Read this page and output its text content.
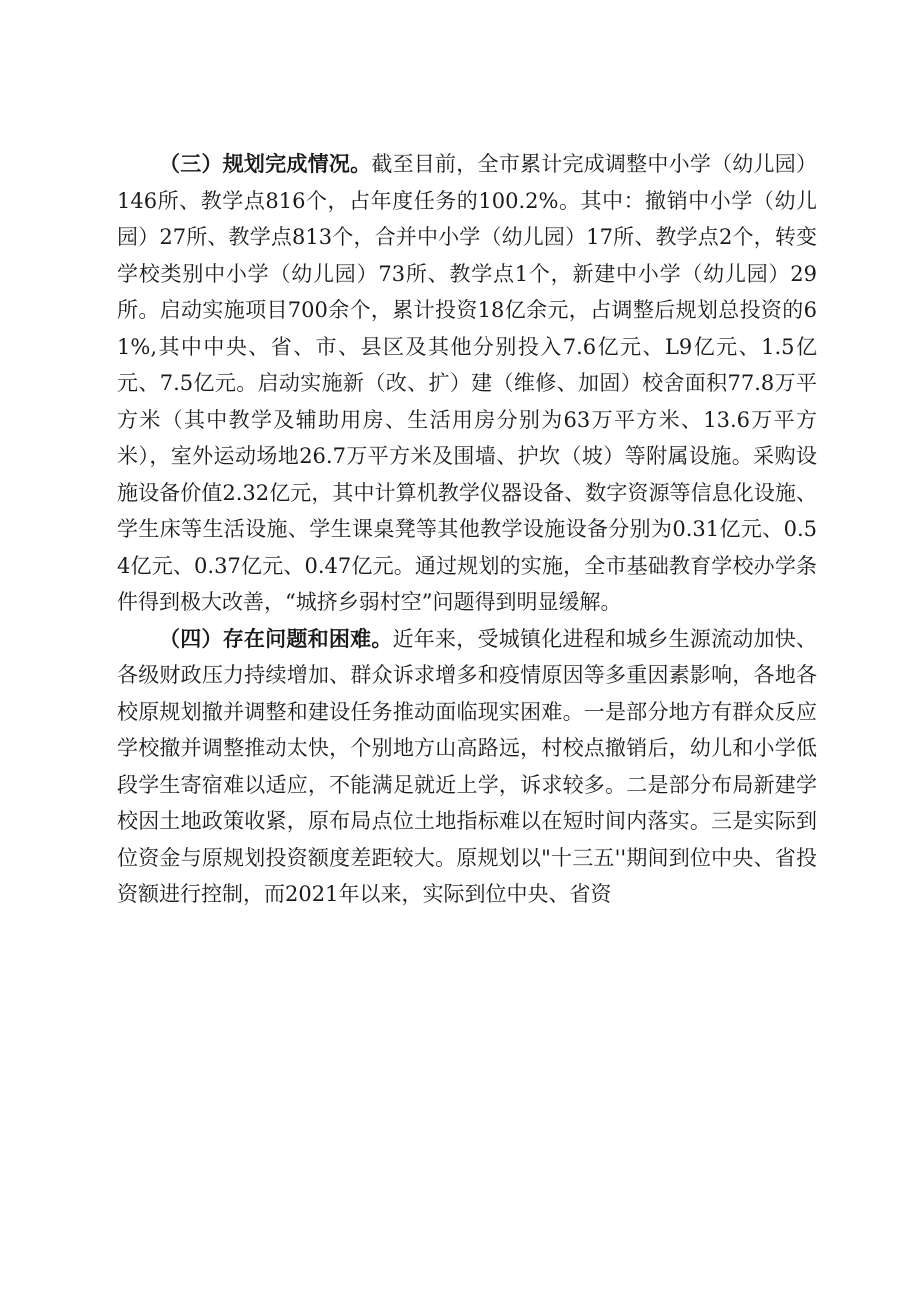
（三）规划完成情况。截至目前，全市累计完成调整中小学（幼儿园）146所、教学点816个，占年度任务的100.2%。其中：撤销中小学（幼儿园）27所、教学点813个，合并中小学（幼儿园）17所、教学点2个，转变学校类别中小学（幼儿园）73所、教学点1个，新建中小学（幼儿园）29所。启动实施项目700余个，累计投资18亿余元，占调整后规划总投资的61%,其中中央、省、市、县区及其他分别投入7.6亿元、L9亿元、1.5亿元、7.5亿元。启动实施新（改、扩）建（维修、加固）校舍面积77.8万平方米（其中教学及辅助用房、生活用房分别为63万平方米、13.6万平方米），室外运动场地26.7万平方米及围墙、护坎（坡）等附属设施。采购设施设备价值2.32亿元，其中计算机教学仪器设备、数字资源等信息化设施、学生床等生活设施、学生课桌凳等其他教学设施设备分别为0.31亿元、0.54亿元、0.37亿元、0.47亿元。通过规划的实施，全市基础教育学校办学条件得到极大改善，“城挤乡弱村空”问题得到明显缓解。

（四）存在问题和困难。近年来，受城镇化进程和城乡生源流动加快、各级财政压力持续增加、群众诉求增多和疫情原因等多重因素影响，各地各校原规划撤并调整和建设任务推动面临现实困难。一是部分地方有群众反应学校撤并调整推动太快，个别地方山高路远，村校点撤销后，幼儿和小学低段学生寄宿难以适应，不能满足就近上学，诉求较多。二是部分布局新建学校因土地政策收紧，原布局点位土地指标难以在短时间内落实。三是实际到位资金与原规划投资额度差距较大。原规划以"十三五''期间到位中央、省投资额进行控制，而2021年以来，实际到位中央、省资
